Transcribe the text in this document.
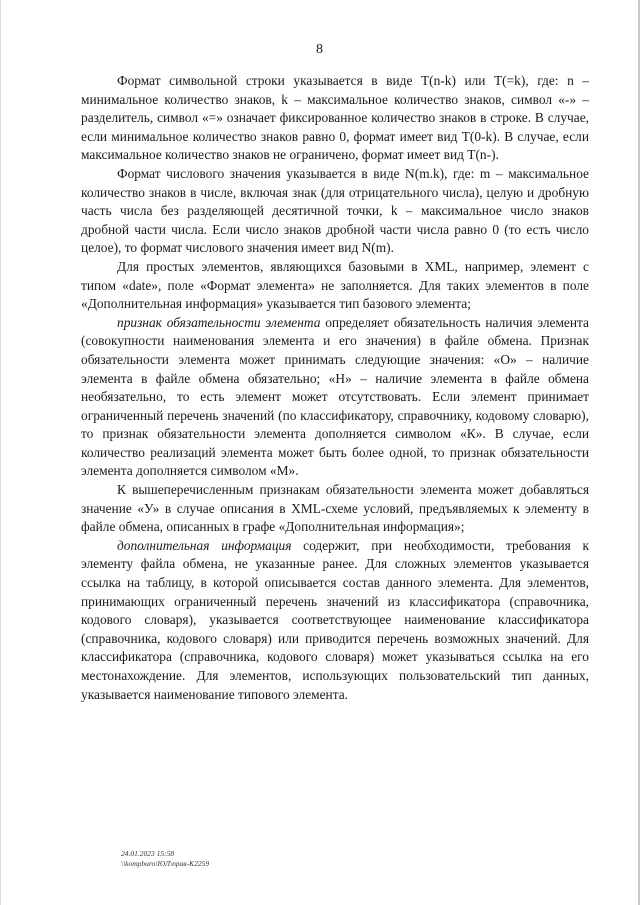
8

Формат символьной строки указывается в виде T(n-k) или T(=k), где: n – минимальное количество знаков, k – максимальное количество знаков, символ «-» – разделитель, символ «=» означает фиксированное количество знаков в строке. В случае, если минимальное количество знаков равно 0, формат имеет вид T(0-k). В случае, если максимальное количество знаков не ограничено, формат имеет вид T(n-).

Формат числового значения указывается в виде N(m.k), где: m – максимальное количество знаков в числе, включая знак (для отрицательного числа), целую и дробную часть числа без разделяющей десятичной точки, k – максимальное число знаков дробной части числа. Если число знаков дробной части числа равно 0 (то есть число целое), то формат числового значения имеет вид N(m).

Для простых элементов, являющихся базовыми в XML, например, элемент с типом «date», поле «Формат элемента» не заполняется. Для таких элементов в поле «Дополнительная информация» указывается тип базового элемента;

признак обязательности элемента определяет обязательность наличия элемента (совокупности наименования элемента и его значения) в файле обмена. Признак обязательности элемента может принимать следующие значения: «О» – наличие элемента в файле обмена обязательно; «Н» – наличие элемента в файле обмена необязательно, то есть элемент может отсутствовать. Если элемент принимает ограниченный перечень значений (по классификатору, справочнику, кодовому словарю), то признак обязательности элемента дополняется символом «К». В случае, если количество реализаций элемента может быть более одной, то признак обязательности элемента дополняется символом «М».

К вышеперечисленным признакам обязательности элемента может добавляться значение «У» в случае описания в XML-схеме условий, предъявляемых к элементу в файле обмена, описанных в графе «Дополнительная информация»;

дополнительная информация содержит, при необходимости, требования к элементу файла обмена, не указанные ранее. Для сложных элементов указывается ссылка на таблицу, в которой описывается состав данного элемента. Для элементов, принимающих ограниченный перечень значений из классификатора (справочника, кодового словаря), указывается соответствующее наименование классификатора (справочника, кодового словаря) или приводится перечень возможных значений. Для классификатора (справочника, кодового словаря) может указываться ссылка на его местонахождение. Для элементов, использующих пользовательский тип данных, указывается наименование типового элемента.

24.01.2023 15:58
\\kompburo\ЮЛ\прав-К2259
